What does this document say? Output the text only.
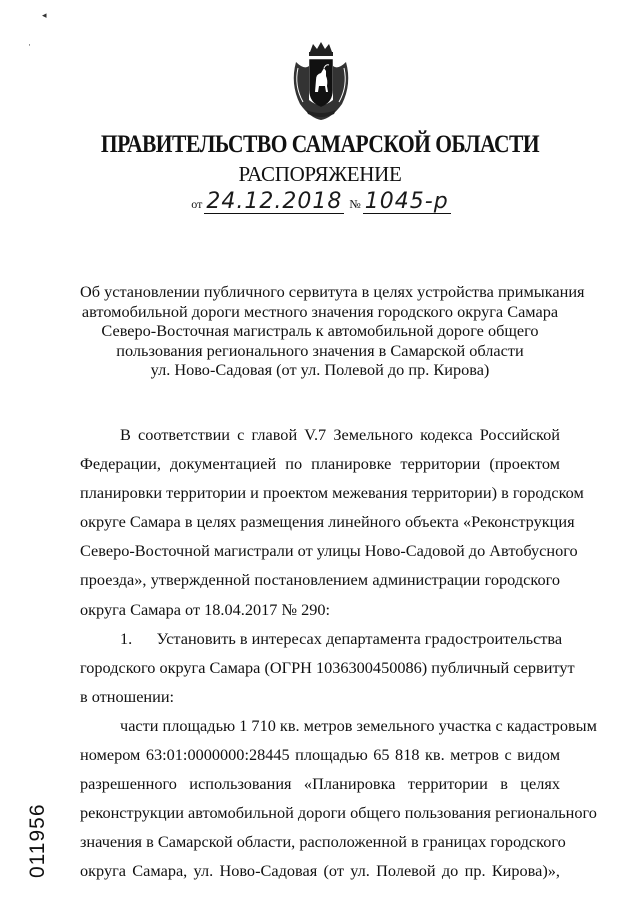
◂
·
ПРАВИТЕЛЬСТВО САМАРСКОЙ ОБЛАСТИ
РАСПОРЯЖЕНИЕ
от 24.12.2018 № 1045-р
Об установлении публичного сервитута в целях устройства примыкания
автомобильной дороги местного значения городского округа Самара
Северо-Восточная магистраль к автомобильной дороге общего
пользования регионального значения в Самарской области
ул. Ново-Садовая (от ул. Полевой до пр. Кирова)
В соответствии с главой V.7 Земельного кодекса Российской
Федерации, документацией по планировке территории (проектом
планировки территории и проектом межевания территории) в городском
округе Самара в целях размещения линейного объекта «Реконструкция
Северо-Восточной магистрали от улицы Ново-Садовой до Автобусного
проезда», утвержденной постановлением администрации городского
округа Самара от 18.04.2017 № 290:
1.      Установить в интересах департамента градостроительства
городского округа Самара (ОГРН 1036300450086) публичный сервитут
в отношении:
части площадью 1 710 кв. метров земельного участка с кадастровым
номером 63:01:0000000:28445 площадью 65 818 кв. метров с видом
разрешенного использования «Планировка территории в целях
реконструкции автомобильной дороги общего пользования регионального
значения в Самарской области, расположенной в границах городского
округа Самара, ул. Ново-Садовая (от ул. Полевой до пр. Кирова)»,
011956
